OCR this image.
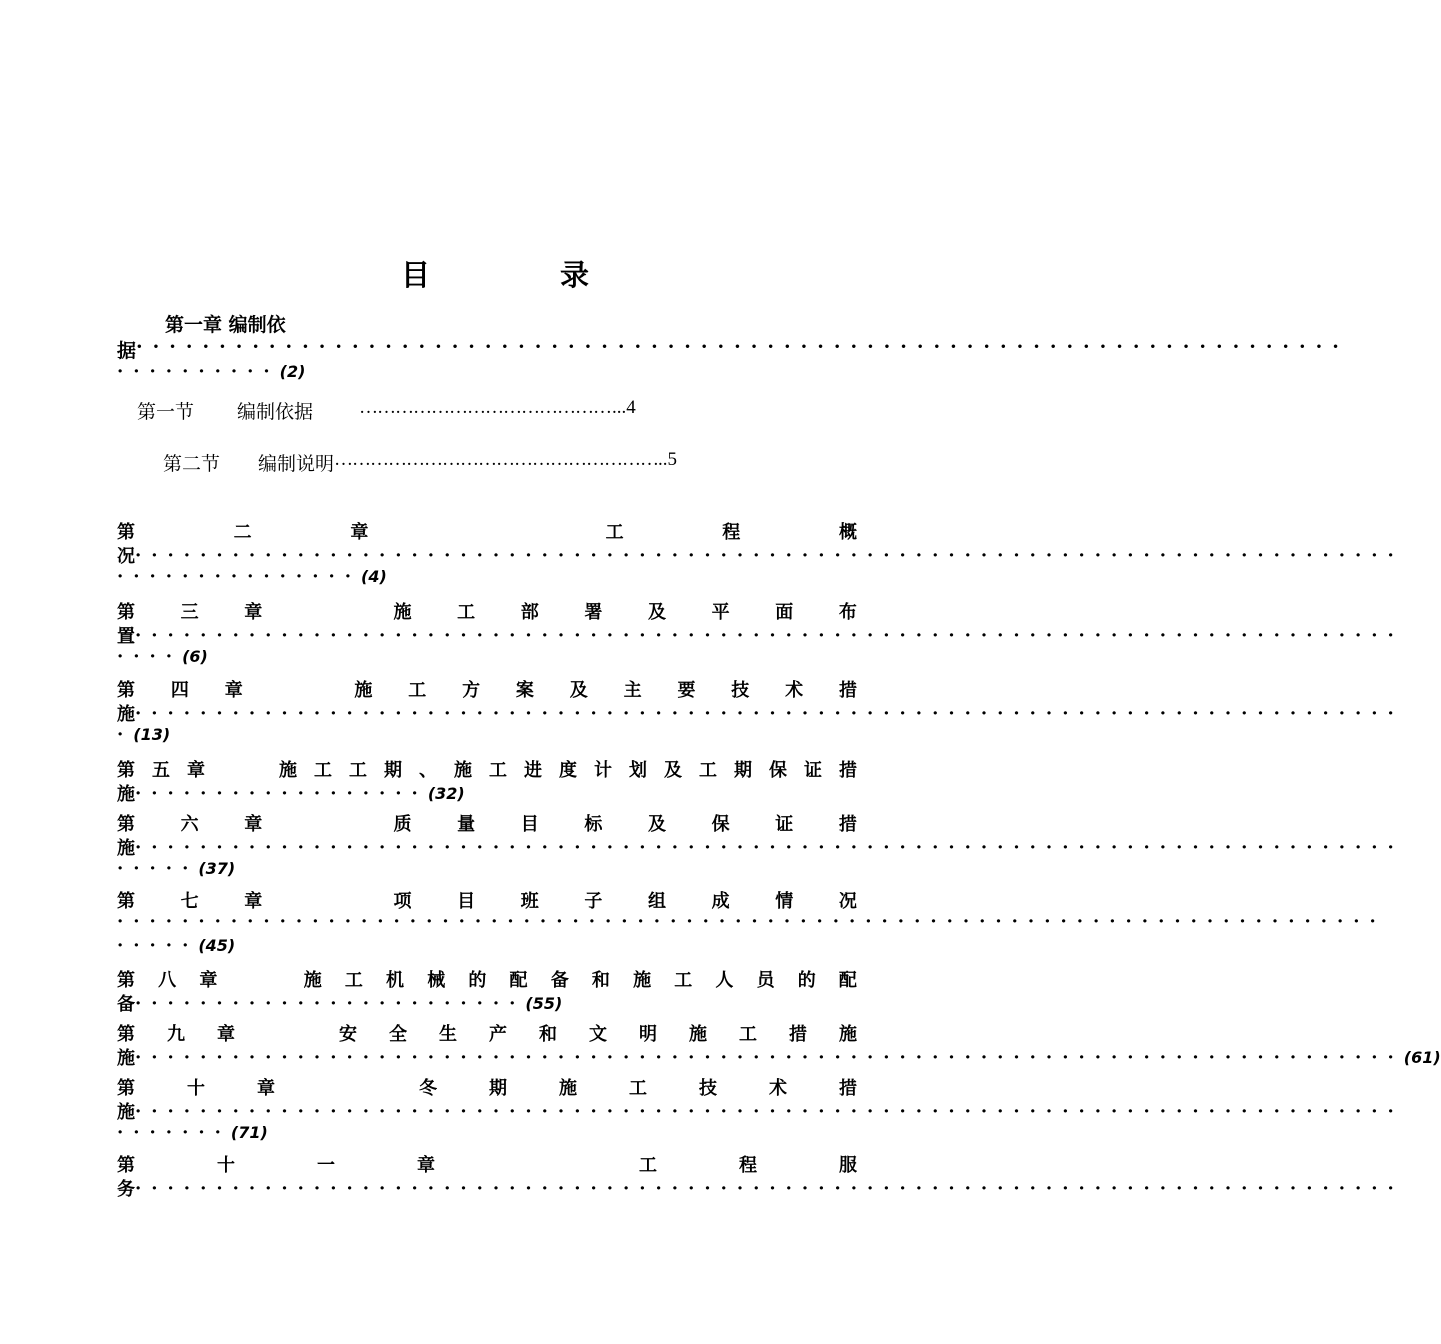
目 录
第一章 编制依
据 ·········································································
··········(2)
第一节	编制依据	………………………………… …...4
第二节	编制说明 ……………………………………………… ..5
第	二	章	工	程	概
况 ··············································································
··············· (4)
第	三	章	施	工	部	署	及	平	面	布
置 ··············································································
···· (6)
第 四 章	施 工 方 案 及 主 要 技 术 措
施 ··············································································
· (13)
第 五 章	施 工 工 期 、 施 工 进 度 计 划 及 工 期 保 证 措
施 ·················· (32)
第	六	章	质	量	目	标	及	保	证	措
施 ··············································································
····· (37)
第	七	章	项	目	班	子	组	成	情	况
··············································································
····· (45)
第 八 章	施 工 机 械 的 配 备 和 施 工 人 员 的 配
备 ························ (55)
第 九 章	安 全 生 产 和 文 明 施 工 措 施
施 ·············································································· (61)
第	十	章	冬	期	施	工	技	术	措
施 ··············································································
······· (71)
第	十	一	章	工	程	服
务 ··············································································
